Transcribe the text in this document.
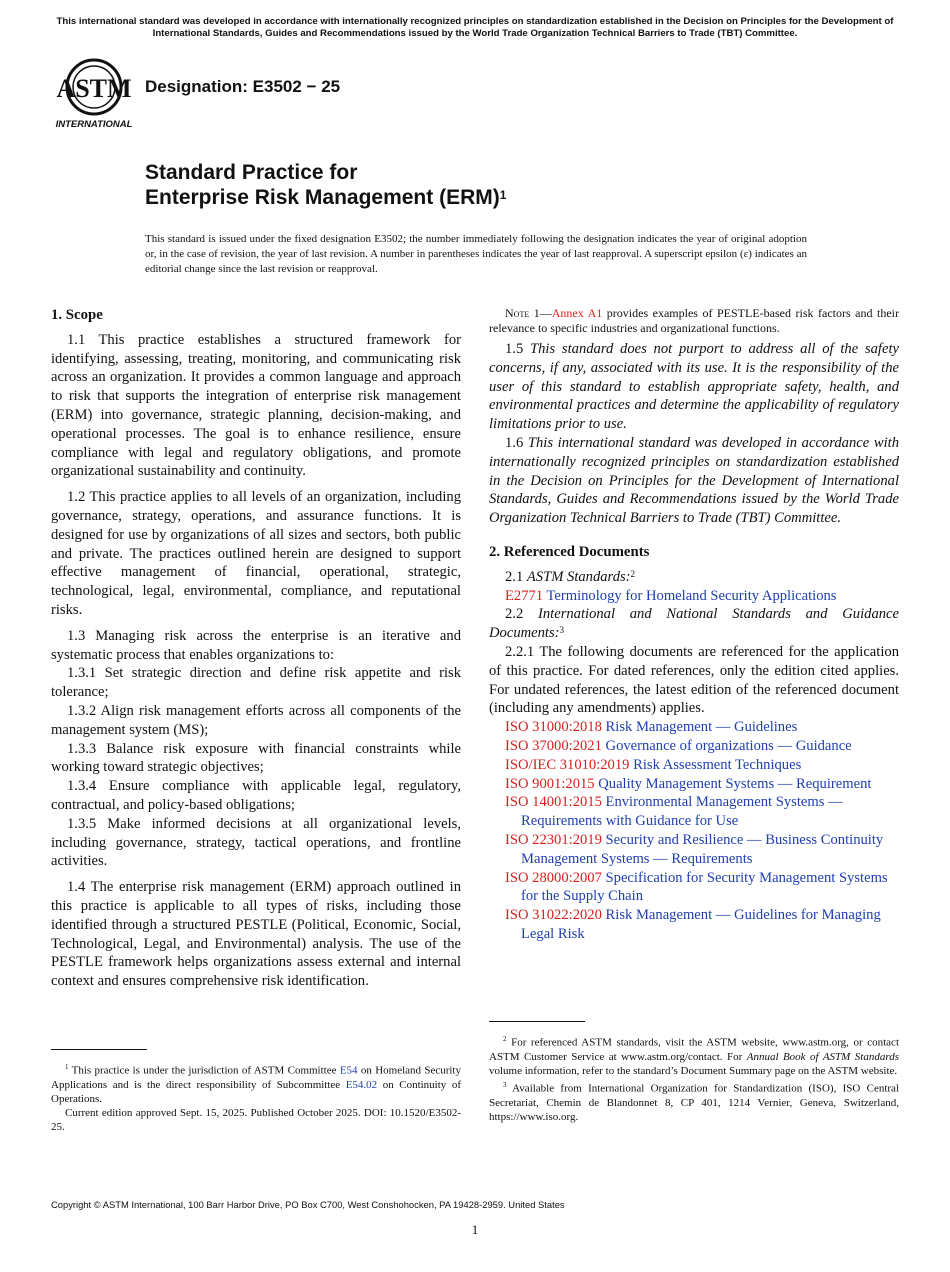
This international standard was developed in accordance with internationally recognized principles on standardization established in the Decision on Principles for the Development of International Standards, Guides and Recommendations issued by the World Trade Organization Technical Barriers to Trade (TBT) Committee.
ASTM
INTERNATIONAL
Designation: E3502 − 25
Standard Practice for
Enterprise Risk Management (ERM)$^1$
This standard is issued under the fixed designation E3502; the number immediately following the designation indicates the year of original adoption or, in the case of revision, the year of last revision. A number in parentheses indicates the year of last reapproval. A superscript epsilon (ε) indicates an editorial change since the last revision or reapproval.

1. Scope

1.1 This practice establishes a structured framework for identifying, assessing, treating, monitoring, and communicating risk across an organization. It provides a common language and approach to risk that supports the integration of enterprise risk management (ERM) into governance, strategic planning, decision-making, and operational processes. The goal is to enhance resilience, ensure compliance with legal and regulatory obligations, and promote organizational sustainability and continuity.

1.2 This practice applies to all levels of an organization, including governance, strategy, operations, and assurance functions. It is designed for use by organizations of all sizes and sectors, both public and private. The practices outlined herein are designed to support effective management of financial, operational, strategic, technological, legal, environmental, compliance, and reputational risks.

1.3 Managing risk across the enterprise is an iterative and systematic process that enables organizations to:

1.3.1 Set strategic direction and define risk appetite and risk tolerance;

1.3.2 Align risk management efforts across all components of the management system (MS);

1.3.3 Balance risk exposure with financial constraints while working toward strategic objectives;

1.3.4 Ensure compliance with applicable legal, regulatory, contractual, and policy-based obligations;

1.3.5 Make informed decisions at all organizational levels, including governance, strategy, tactical operations, and frontline activities.

1.4 The enterprise risk management (ERM) approach outlined in this practice is applicable to all types of risks, including those identified through a structured PESTLE (Political, Economic, Social, Technological, Legal, and Environmental) analysis. The use of the PESTLE framework helps organizations assess external and internal context and ensures comprehensive risk identification.

Note 1—Annex A1 provides examples of PESTLE-based risk factors and their relevance to specific industries and organizational functions.

1.5 This standard does not purport to address all of the safety concerns, if any, associated with its use. It is the responsibility of the user of this standard to establish appropriate safety, health, and environmental practices and determine the applicability of regulatory limitations prior to use.

1.6 This international standard was developed in accordance with internationally recognized principles on standardization established in the Decision on Principles for the Development of International Standards, Guides and Recommendations issued by the World Trade Organization Technical Barriers to Trade (TBT) Committee.

2. Referenced Documents

2.1 ASTM Standards:$^2$

E2771 Terminology for Homeland Security Applications

2.2 International and National Standards and Guidance Documents:$^3$

2.2.1 The following documents are referenced for the application of this practice. For dated references, only the edition cited applies. For undated references, the latest edition of the referenced document (including any amendments) applies.

ISO 31000:2018 Risk Management — Guidelines

ISO 37000:2021 Governance of organizations — Guidance

ISO/IEC 31010:2019 Risk Assessment Techniques

ISO 9001:2015 Quality Management Systems — Requirement

ISO 14001:2015 Environmental Management Systems — Requirements with Guidance for Use

ISO 22301:2019 Security and Resilience — Business Continuity Management Systems — Requirements

ISO 28000:2007 Specification for Security Management Systems for the Supply Chain

ISO 31022:2020 Risk Management — Guidelines for Managing Legal Risk

$^1$ This practice is under the jurisdiction of ASTM Committee E54 on Homeland Security Applications and is the direct responsibility of Subcommittee E54.02 on Continuity of Operations.

Current edition approved Sept. 15, 2025. Published October 2025. DOI: 10.1520/E3502-25.

$^2$ For referenced ASTM standards, visit the ASTM website, www.astm.org, or contact ASTM Customer Service at www.astm.org/contact. For Annual Book of ASTM Standards volume information, refer to the standard’s Document Summary page on the ASTM website.

$^3$ Available from International Organization for Standardization (ISO), ISO Central Secretariat, Chemin de Blandonnet 8, CP 401, 1214 Vernier, Geneva, Switzerland, https://www.iso.org.

Copyright © ASTM International, 100 Barr Harbor Drive, PO Box C700, West Conshohocken, PA 19428-2959. United States
1
